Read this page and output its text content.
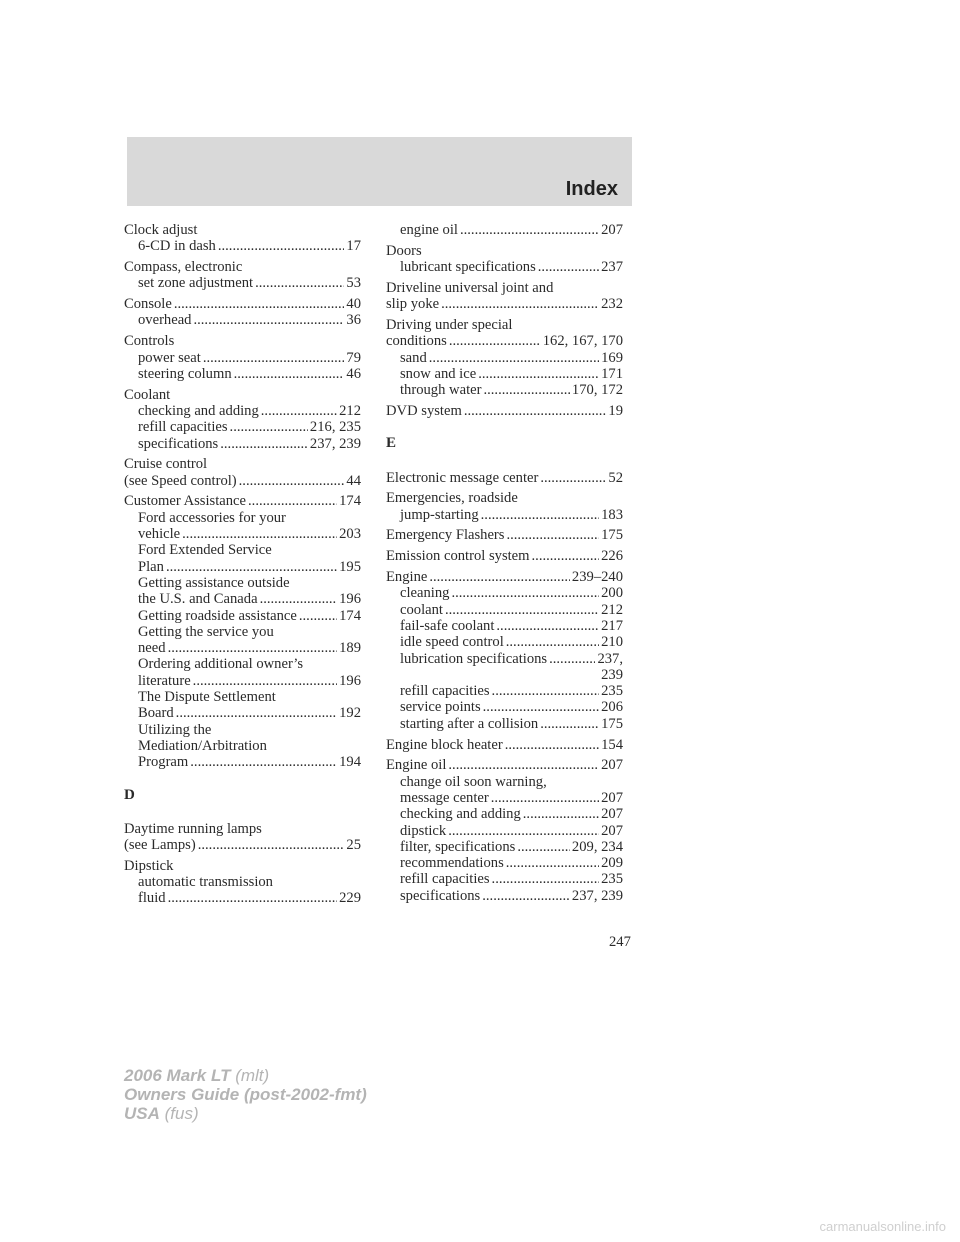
Index
Clock adjust
6-CD in dash .....	17
Compass, electronic
set zone adjustment .....	53
Console .....	40
overhead .....	36
Controls
power seat .....	79
steering column .....	46
Coolant
checking and adding .....	212
refill capacities .....	216, 235
specifications .....	237, 239
Cruise control
(see Speed control) .....	44
Customer Assistance .....	174
Ford accessories for your
vehicle .....	203
Ford Extended Service
Plan .....	195
Getting assistance outside
the U.S. and Canada .....	196
Getting roadside assistance .....	174
Getting the service you
need .....	189
Ordering additional owner’s
literature .....	196
The Dispute Settlement
Board .....	192
Utilizing the
Mediation/Arbitration
Program .....	194
D
Daytime running lamps
(see Lamps) .....	25
Dipstick
automatic transmission
fluid .....	229
engine oil .....	207
Doors
lubricant specifications .....	237
Driveline universal joint and
slip yoke .....	232
Driving under special
conditions .....	162, 167, 170
sand .....	169
snow and ice .....	171
through water .....	170, 172
DVD system .....	19
E
Electronic message center .....	52
Emergencies, roadside
jump-starting .....	183
Emergency Flashers .....	175
Emission control system .....	226
Engine .....	239–240
cleaning .....	200
coolant .....	212
fail-safe coolant .....	217
idle speed control .....	210
lubrication specifications .....	237,
239
refill capacities .....	235
service points .....	206
starting after a collision .....	175
Engine block heater .....	154
Engine oil .....	207
change oil soon warning,
message center .....	207
checking and adding .....	207
dipstick .....	207
filter, specifications .....	209, 234
recommendations .....	209
refill capacities .....	235
specifications .....	237, 239
247
2006 Mark LT (mlt)
Owners Guide (post-2002-fmt)
USA (fus)
carmanualsonline.info
